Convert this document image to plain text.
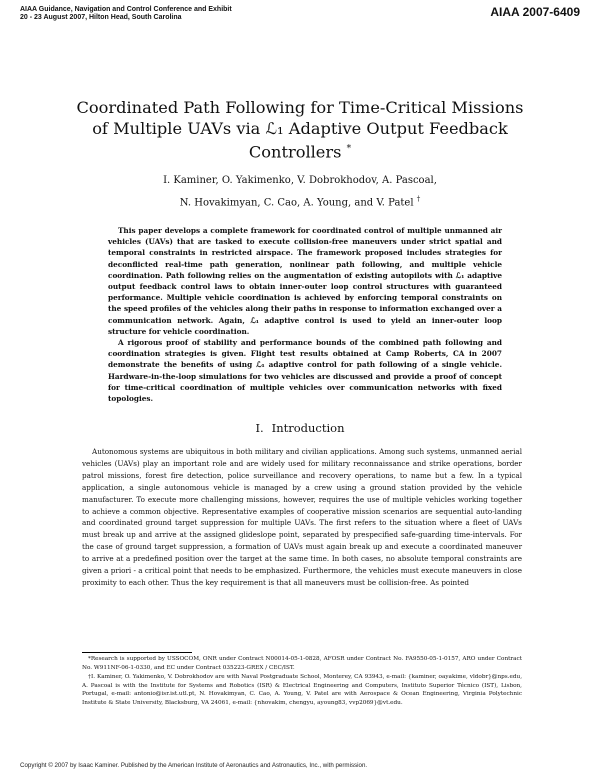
AIAA Guidance, Navigation and Control Conference and Exhibit
20 - 23 August 2007, Hilton Head, South Carolina	AIAA 2007-6409
Coordinated Path Following for Time-Critical Missions
of Multiple UAVs via ℒ₁ Adaptive Output Feedback
Controllers *
I. Kaminer, O. Yakimenko, V. Dobrokhodov, A. Pascoal,
N. Hovakimyan, C. Cao, A. Young, and V. Patel †

This paper develops a complete framework for coordinated control of multiple unmanned air vehicles (UAVs) that are tasked to execute collision-free maneuvers under strict spatial and temporal constraints in restricted airspace. The framework proposed includes strategies for deconflicted real-time path generation, nonlinear path following, and multiple vehicle coordination. Path following relies on the augmentation of existing autopilots with ℒ₁ adaptive output feedback control laws to obtain inner-outer loop control structures with guaranteed performance. Multiple vehicle coordination is achieved by enforcing temporal constraints on the speed profiles of the vehicles along their paths in response to information exchanged over a communication network. Again, ℒ₁ adaptive control is used to yield an inner-outer loop structure for vehicle coordination.

A rigorous proof of stability and performance bounds of the combined path following and coordination strategies is given. Flight test results obtained at Camp Roberts, CA in 2007 demonstrate the benefits of using ℒ₁ adaptive control for path following of a single vehicle. Hardware-in-the-loop simulations for two vehicles are discussed and provide a proof of concept for time-critical coordination of multiple vehicles over communication networks with fixed topologies.

I. Introduction

Autonomous systems are ubiquitous in both military and civilian applications. Among such systems, unmanned aerial vehicles (UAVs) play an important role and are widely used for military reconnaissance and strike operations, border patrol missions, forest fire detection, police surveillance and recovery operations, to name but a few. In a typical application, a single autonomous vehicle is managed by a crew using a ground station provided by the vehicle manufacturer. To execute more challenging missions, however, requires the use of multiple vehicles working together to achieve a common objective. Representative examples of cooperative mission scenarios are sequential auto-landing and coordinated ground target suppression for multiple UAVs. The first refers to the situation where a fleet of UAVs must break up and arrive at the assigned glideslope point, separated by prespecified safe-guarding time-intervals. For the case of ground target suppression, a formation of UAVs must again break up and execute a coordinated maneuver to arrive at a predefined position over the target at the same time. In both cases, no absolute temporal constraints are given a priori - a critical point that needs to be emphasized. Furthermore, the vehicles must execute maneuvers in close proximity to each other. Thus the key requirement is that all maneuvers must be collision-free. As pointed

*Research is supported by USSOCOM, ONR under Contract N00014-05-1-0828, AFOSR under Contract No. FA9550-05-1-0157, ARO under Contract No. W911NF-06-1-0330, and EC under Contract 035223-GREX / CEC/IST.

†I. Kaminer, O. Yakimenko, V. Dobrokhodov are with Naval Postgraduate School, Monterey, CA 93943, e-mail: {kaminer, oayakime, vldobr}@nps.edu, A. Pascoal is with the Institute for Systems and Robotics (ISR) & Electrical Engineering and Computers, Instituto Superior Técnico (IST), Lisbon, Portugal, e-mail: antonio@isr.ist.utl.pt, N. Hovakimyan, C. Cao, A. Young, V. Patel are with Aerospace & Ocean Engineering, Virginia Polytechnic Institute & State University, Blacksburg, VA 24061, e-mail: {nhovakim, chengyu, ayoung83, vvp2069}@vt.edu.

Copyright © 2007 by Isaac Kaminer. Published by the American Institute of Aeronautics and Astronautics, Inc., with permission.
